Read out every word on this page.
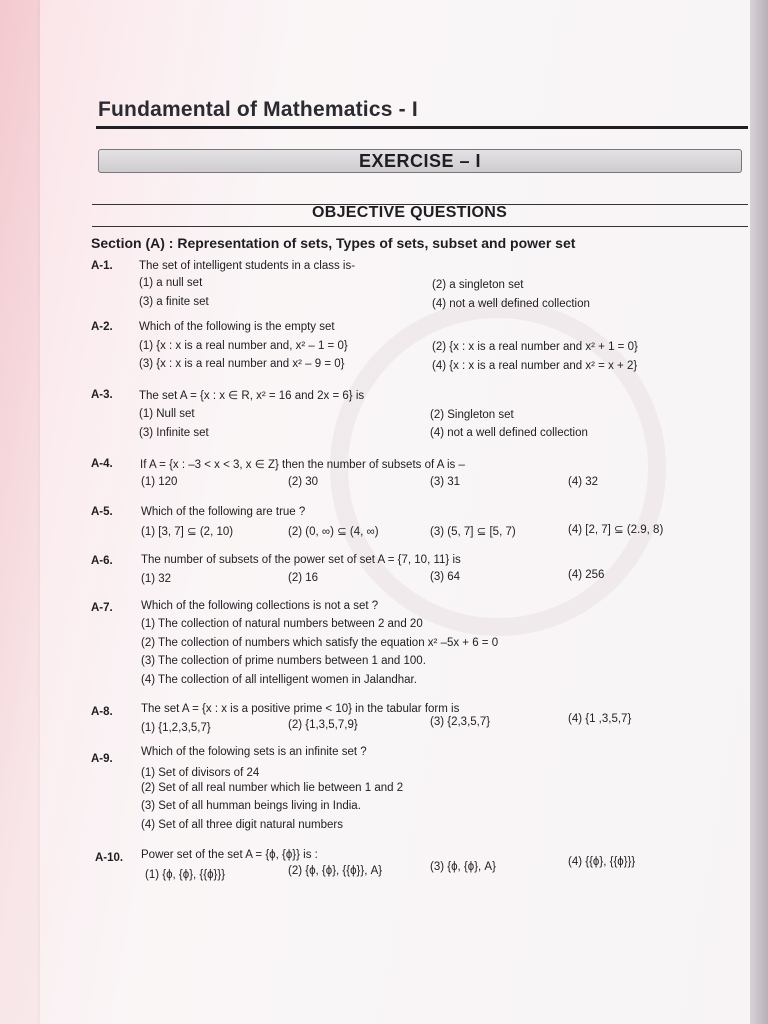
Fundamental of Mathematics - I
EXERCISE – I
OBJECTIVE QUESTIONS
Section (A) : Representation of sets, Types of sets, subset and power set
A-1. The set of intelligent students in a class is-
(1) a null set	(2) a singleton set
(3) a finite set	(4) not a well defined collection
A-2. Which of the following is the empty set
(1) {x : x is a real number and, x² – 1 = 0}	(2) {x : x is a real number and x² + 1 = 0}
(3) {x : x is a real number and x² – 9 = 0}	(4) {x : x is a real number and x² = x + 2}
A-3. The set A = {x : x ∈ R, x² = 16 and 2x = 6} is
(1) Null set	(2) Singleton set
(3) Infinite set	(4) not a well defined collection
A-4. If A = {x : –3 < x < 3, x ∈ Z} then the number of subsets of A is –
(1) 120	(2) 30	(3) 31	(4) 32
A-5. Which of the following are true ?
(1) [3, 7] ⊆ (2, 10)	(2) (0, ∞) ⊆ (4, ∞)	(3) (5, 7] ⊆ [5, 7)	(4) [2, 7] ⊆ (2.9, 8)
A-6. The number of subsets of the power set of set A = {7, 10, 11} is
(1) 32	(2) 16	(3) 64	(4) 256
A-7. Which of the following collections is not a set ?
(1) The collection of natural numbers between 2 and 20
(2) The collection of numbers which satisfy the equation x² –5x + 6 = 0
(3) The collection of prime numbers between 1 and 100.
(4) The collection of all intelligent women in Jalandhar.
A-8. The set A = {x : x is a positive prime < 10} in the tabular form is
(1) {1,2,3,5,7}	(2) {1,3,5,7,9}	(3) {2,3,5,7}	(4) {1 ,3,5,7}
A-9.
Which of the folowing sets is an infinite set ?
(1) Set of divisors of 24
(2) Set of all real number which lie between 1 and 2
(3) Set of all humman beings living in India.
(4) Set of all three digit natural numbers
A-10. Power set of the set A = {ϕ, {ϕ}} is :
(1) {ϕ, {ϕ}, {{ϕ}}}	(2) {ϕ, {ϕ}, {{ϕ}}, A}	(3) {ϕ, {ϕ}, A}	(4) {{ϕ}, {{ϕ}}}
